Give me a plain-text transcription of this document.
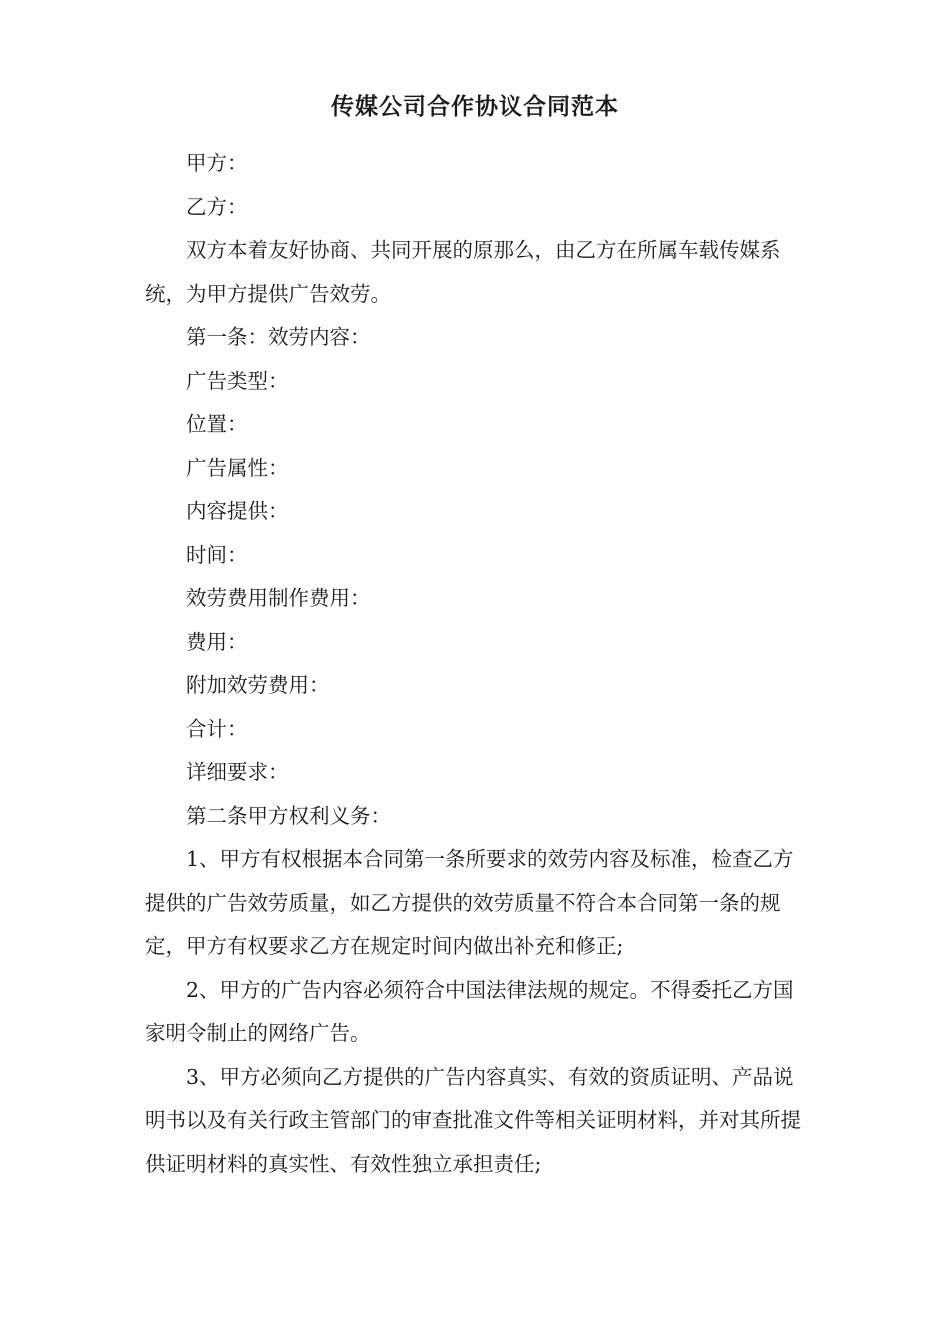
传媒公司合作协议合同范本

甲方：

乙方：

双方本着友好协商、共同开展的原那么，由乙方在所属车载传媒系统，为甲方提供广告效劳。

第一条：效劳内容：

广告类型：

位置：

广告属性：

内容提供：

时间：

效劳费用制作费用：

费用：

附加效劳费用：

合计：

详细要求：

第二条甲方权利义务：

1、甲方有权根据本合同第一条所要求的效劳内容及标准，检查乙方提供的广告效劳质量，如乙方提供的效劳质量不符合本合同第一条的规定，甲方有权要求乙方在规定时间内做出补充和修正;

2、甲方的广告内容必须符合中国法律法规的规定。不得委托乙方国家明令制止的网络广告。

3、甲方必须向乙方提供的广告内容真实、有效的资质证明、产品说明书以及有关行政主管部门的审查批准文件等相关证明材料，并对其所提供证明材料的真实性、有效性独立承担责任;
